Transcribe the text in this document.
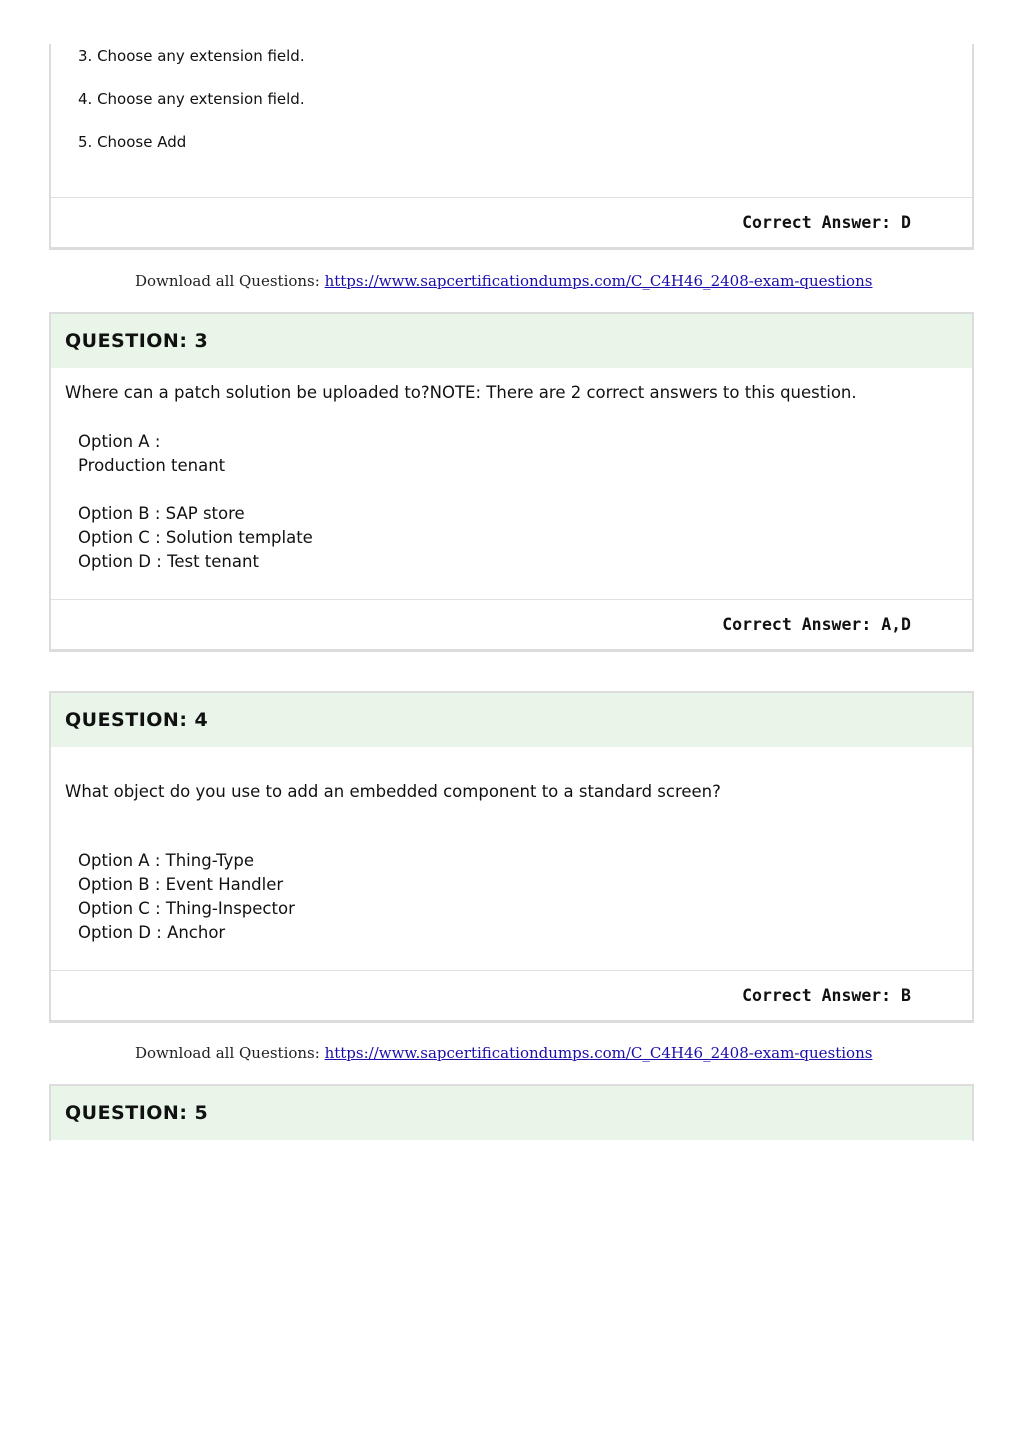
3. Choose any extension field.
4. Choose any extension field.
5. Choose Add
Correct Answer: D
Download all Questions: https://www.sapcertificationdumps.com/C_C4H46_2408-exam-questions
QUESTION: 3
Where can a patch solution be uploaded to?NOTE: There are 2 correct answers to this question.
Option A :
Production tenant
Option B : SAP store
Option C : Solution template
Option D : Test tenant
Correct Answer: A,D
QUESTION: 4
What object do you use to add an embedded component to a standard screen?
Option A : Thing-Type
Option B : Event Handler
Option C : Thing-Inspector
Option D : Anchor
Correct Answer: B
Download all Questions: https://www.sapcertificationdumps.com/C_C4H46_2408-exam-questions
QUESTION: 5
